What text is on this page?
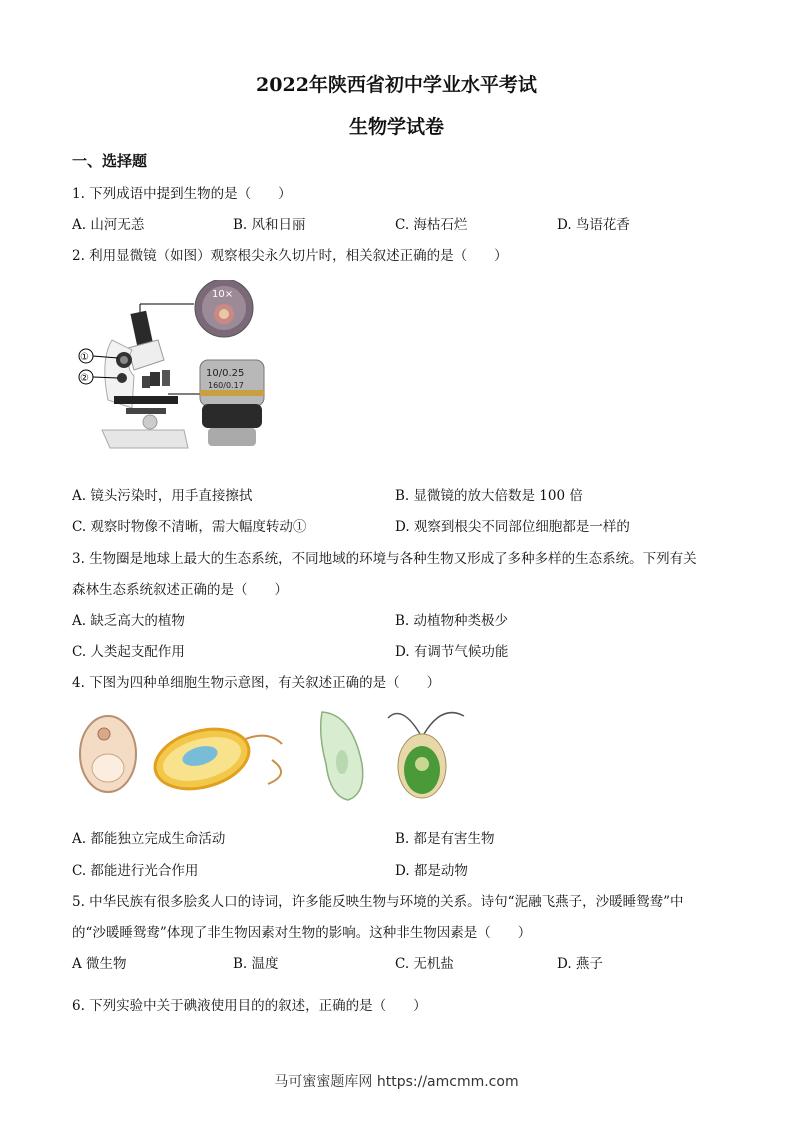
2022年陕西省初中学业水平考试
生物学试卷
一、选择题
1. 下列成语中提到生物的是（　　）
A. 山河无恙	B. 风和日丽	C. 海枯石烂	D. 鸟语花香
2. 利用显微镜（如图）观察根尖永久切片时，相关叙述正确的是（　　）
10×
①
②	10/0.25
160/0.17
A. 镜头污染时，用手直接擦拭	B. 显微镜的放大倍数是 100 倍
C. 观察时物像不清晰，需大幅度转动①	D. 观察到根尖不同部位细胞都是一样的
3. 生物圈是地球上最大的生态系统，不同地域的环境与各种生物又形成了多种多样的生态系统。下列有关
森林生态系统叙述正确的是（　　）
A. 缺乏高大的植物	B. 动植物种类极少
C. 人类起支配作用	D. 有调节气候功能
4. 下图为四种单细胞生物示意图，有关叙述正确的是（　　）
A. 都能独立完成生命活动	B. 都是有害生物
C. 都能进行光合作用	D. 都是动物
5. 中华民族有很多脍炙人口的诗词，许多能反映生物与环境的关系。诗句“泥融飞燕子，沙暖睡鸳鸯”中
的“沙暖睡鸳鸯”体现了非生物因素对生物的影响。这种非生物因素是（　　）
A 微生物	B. 温度	C. 无机盐	D. 燕子
6. 下列实验中关于碘液使用目的的叙述，正确的是（　　）
马可蜜蜜题库网 https://amcmm.com
